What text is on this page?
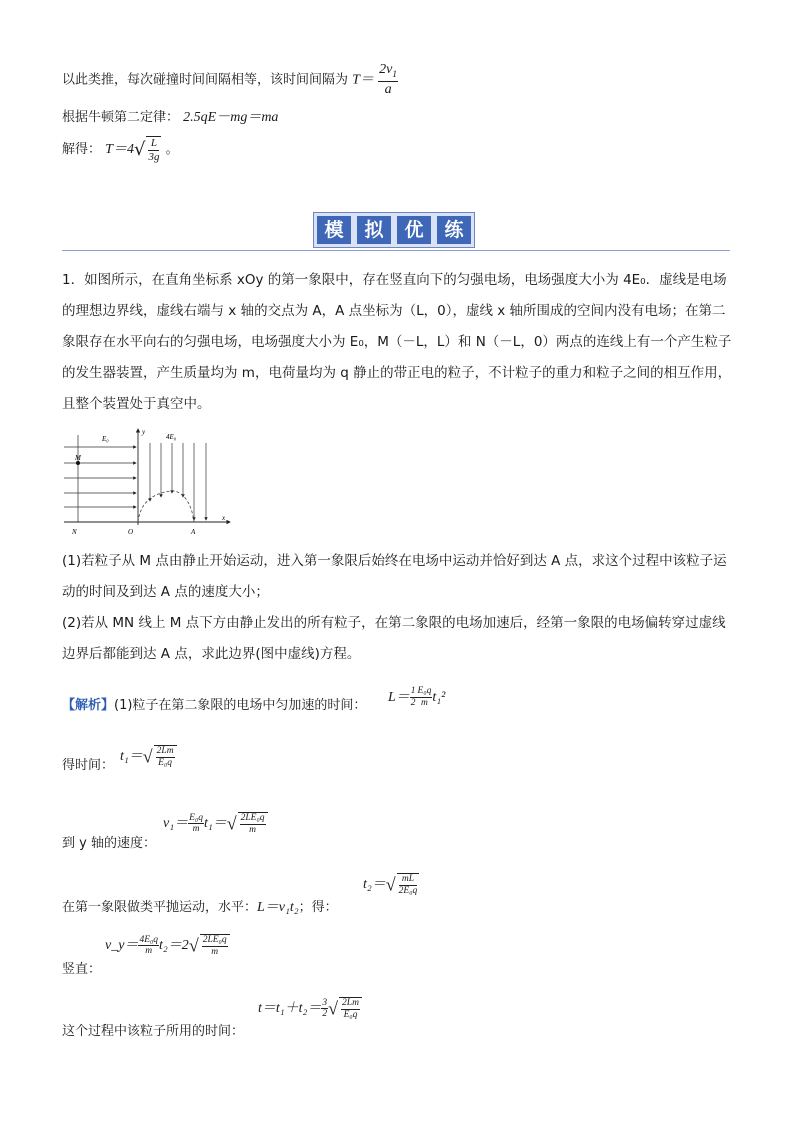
以此类推，每次碰撞时间间隔相等，该时间间隔为 $T= \frac{2v_1}{a}$
根据牛顿第二定律： 2.5qE－mg＝ma
解得： $T=4√ \frac{L}{3g}$ 。
模	拟	优	练
1．如图所示，在直角坐标系 xOy 的第一象限中，存在竖直向下的匀强电场，电场强度大小为 4E₀．虚线是电场的理想边界线，虚线右端与 x 轴的交点为 A，A 点坐标为（L，0），虚线 x 轴所围成的空间内没有电场；在第二象限存在水平向右的匀强电场，电场强度大小为 E₀，M（－L，L）和 N（－L，0）两点的连线上有一个产生粒子的发生器装置，产生质量均为 m，电荷量均为 q 静止的带正电的粒子，不计粒子的重力和粒子之间的相互作用，且整个装置处于真空中。
E₀	4E₀
y
x
M
N	O	A
(1)若粒子从 M 点由静止开始运动，进入第一象限后始终在电场中运动并恰好到达 A 点，求这个过程中该粒子运动的时间及到达 A 点的速度大小；
(2)若从 MN 线上 M 点下方由静止发出的所有粒子，在第二象限的电场加速后，经第一象限的电场偏转穿过虚线边界后都能到达 A 点，求此边界(图中虚线)方程。
【解析】(1)粒子在第二象限的电场中匀加速的时间：
$L= \frac{1}{2} \frac{\text{E₀q}}{m} t_1^2$
得时间：
$t_1=√ \frac{2Lm}{\text{E₀q}}$
到 y 轴的速度：
$v_1= \frac{\text{E₀q}}{m} t_1=√ \frac{\text{2LE₀q}}{m}$
在第一象限做类平抛运动，水平：L＝v₁t₂；得：
$t_2=√ \frac{mL}{\text{2E₀q}}$
竖直：
v_y＝ $\frac{\text{4E₀q}}{m} t_2=2√ \frac{\text{2LE₀q}}{m}$
这个过程中该粒子所用的时间：
$t=t_1+t_2= \frac{3}{2}$ √ $\frac{2Lm}{\text{E₀q}}$
